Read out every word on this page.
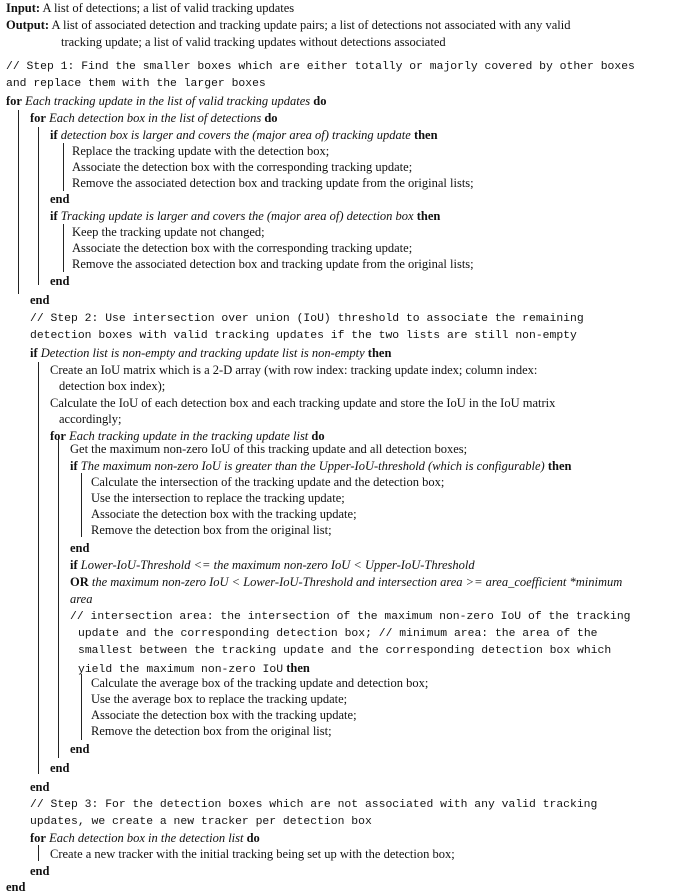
Input: A list of detections; a list of valid tracking updates
Output: A list of associated detection and tracking update pairs; a list of detections not associated with any valid
tracking update; a list of valid tracking updates without detections associated
// Step 1: Find the smaller boxes which are either totally or majorly covered by other boxes
and replace them with the larger boxes
for Each tracking update in the list of valid tracking updates do
for Each detection box in the list of detections do
if detection box is larger and covers the (major area of) tracking update then
Replace the tracking update with the detection box;
Associate the detection box with the corresponding tracking update;
Remove the associated detection box and tracking update from the original lists;
end
if Tracking update is larger and covers the (major area of) detection box then
Keep the tracking update not changed;
Associate the detection box with the corresponding tracking update;
Remove the associated detection box and tracking update from the original lists;
end
end
// Step 2: Use intersection over union (IoU) threshold to associate the remaining
detection boxes with valid tracking updates if the two lists are still non-empty
if Detection list is non-empty and tracking update list is non-empty then
Create an IoU matrix which is a 2-D array (with row index: tracking update index; column index:
detection box index);
Calculate the IoU of each detection box and each tracking update and store the IoU in the IoU matrix
accordingly;
for Each tracking update in the tracking update list do
Get the maximum non-zero IoU of this tracking update and all detection boxes;
if The maximum non-zero IoU is greater than the Upper-IoU-threshold (which is configurable) then
Calculate the intersection of the tracking update and the detection box;
Use the intersection to replace the tracking update;
Associate the detection box with the tracking update;
Remove the detection box from the original list;
end
if Lower-IoU-Threshold <= the maximum non-zero IoU < Upper-IoU-Threshold
OR the maximum non-zero IoU < Lower-IoU-Threshold and intersection area >= area_coefficient *minimum
area
// intersection area: the intersection of the maximum non-zero IoU of the tracking
update and the corresponding detection box; // minimum area: the area of the
smallest between the tracking update and the corresponding detection box which
yield the maximum non-zero IoU then
Calculate the average box of the tracking update and detection box;
Use the average box to replace the tracking update;
Associate the detection box with the tracking update;
Remove the detection box from the original list;
end
end
end
// Step 3: For the detection boxes which are not associated with any valid tracking
updates, we create a new tracker per detection box
for Each detection box in the detection list do
Create a new tracker with the initial tracking being set up with the detection box;
end
end
